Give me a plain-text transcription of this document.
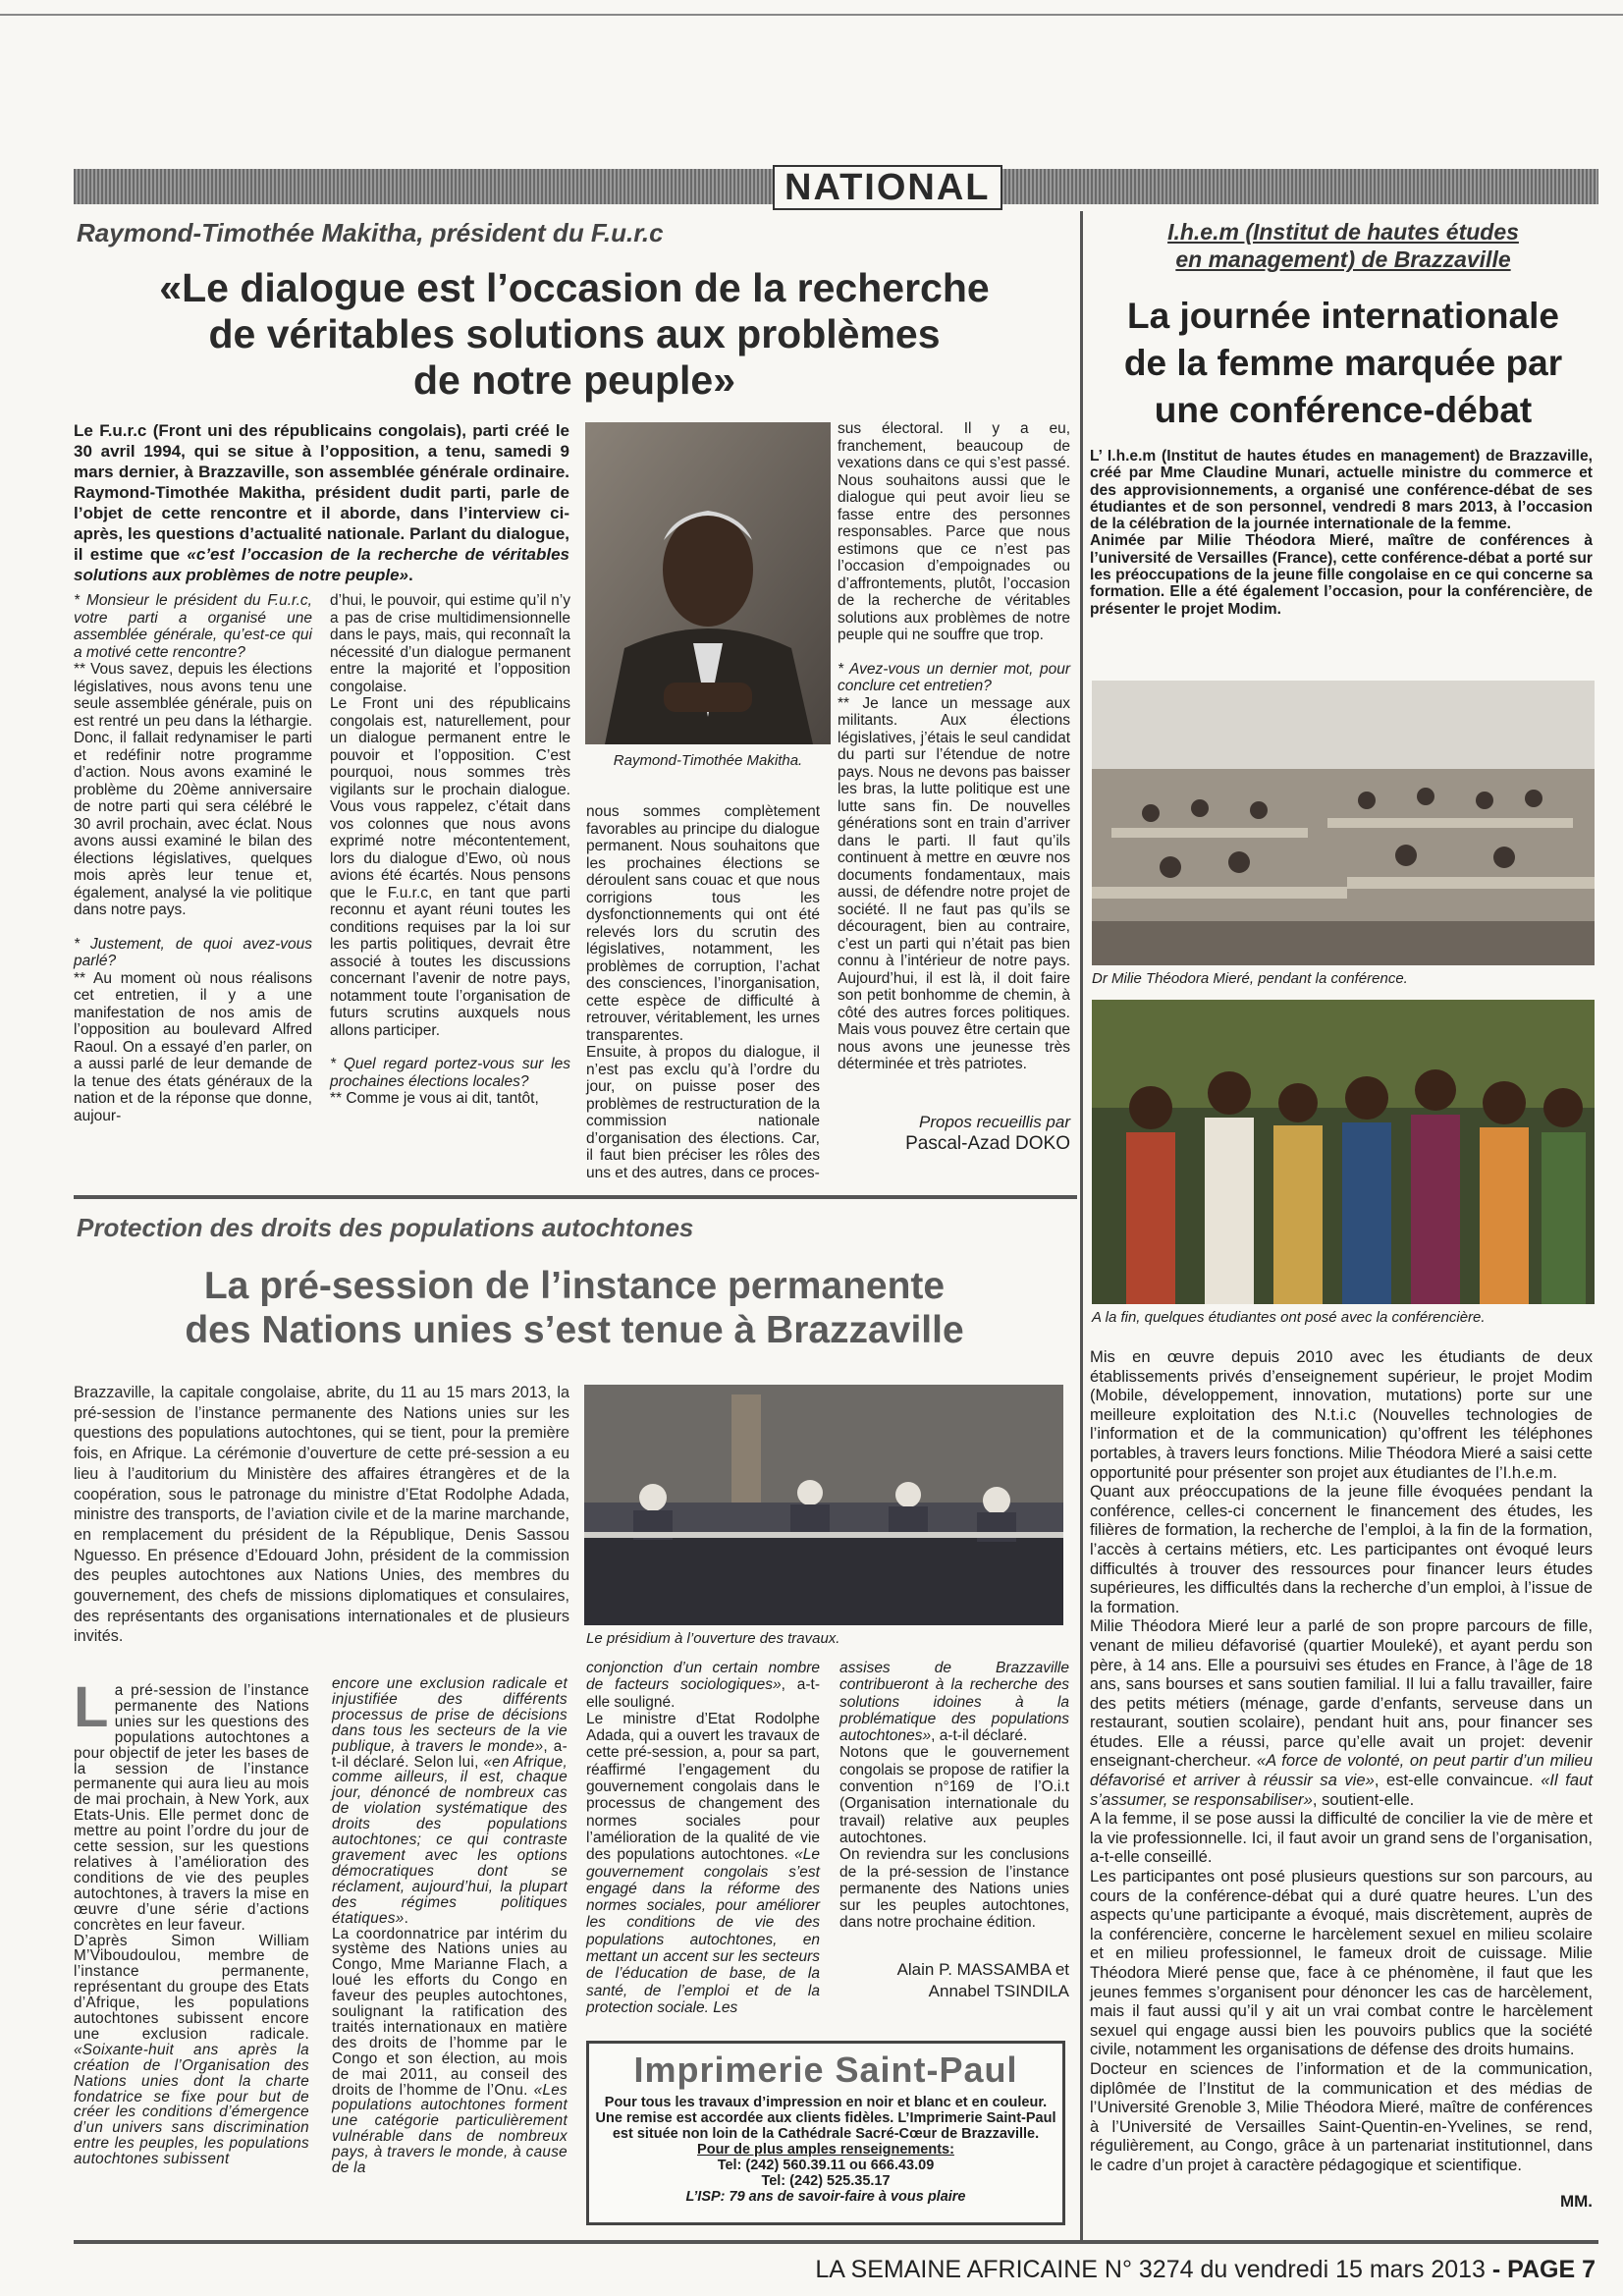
NATIONAL
Raymond-Timothée Makitha, président du F.u.r.c
«Le dialogue est l’occasion de la recherche
de véritables solutions aux problèmes
de notre peuple»

Le F.u.r.c (Front uni des républicains congolais), parti créé le 30 avril 1994, qui se situe à l’opposition, a tenu, samedi 9 mars dernier, à Brazzaville, son assemblée générale ordinaire. Raymond-Timothée Makitha, président dudit parti, parle de l’objet de cette rencontre et il aborde, dans l’interview ci-après, les questions d’actualité nationale. Parlant du dialogue, il estime que «c’est l’occasion de la recherche de véritables solutions aux problèmes de notre peuple».

Raymond-Timothée Makitha.

* Monsieur le président du F.u.r.c, votre parti a organisé une assemblée générale, qu’est-ce qui a motivé cette rencontre?

** Vous savez, depuis les élections législatives, nous avons tenu une seule assemblée générale, puis on est rentré un peu dans la léthargie. Donc, il fallait redynamiser le parti et redéfinir notre programme d’action. Nous avons examiné le problème du 20ème anniversaire de notre parti qui sera célébré le 30 avril prochain, avec éclat. Nous avons aussi examiné le bilan des élections législatives, quelques mois après leur tenue et, également, analysé la vie politique dans notre pays.

* Justement, de quoi avez-vous parlé?

** Au moment où nous réalisons cet entretien, il y a une manifestation de nos amis de l’opposition au boulevard Alfred Raoul. On a essayé d’en parler, on a aussi parlé de leur demande de la tenue des états généraux de la nation et de la réponse que donne, aujour-

d’hui, le pouvoir, qui estime qu’il n’y a pas de crise multidimensionnelle dans le pays, mais, qui reconnaît la nécessité d’un dialogue permanent entre la majorité et l’opposition congolaise.

Le Front uni des républicains congolais est, naturellement, pour un dialogue permanent entre le pouvoir et l’opposition. C’est pourquoi, nous sommes très vigilants sur le prochain dialogue. Vous vous rappelez, c’était dans vos colonnes que nous avons exprimé notre mécontentement, lors du dialogue d’Ewo, où nous avions été écartés. Nous pensons que le F.u.r.c, en tant que parti reconnu et ayant réuni toutes les conditions requises par la loi sur les partis politiques, devrait être associé à toutes les discussions concernant l’avenir de notre pays, notamment toute l’organisation de futurs scrutins auxquels nous allons participer.

* Quel regard portez-vous sur les prochaines élections locales?

** Comme je vous ai dit, tantôt,

nous sommes complètement favorables au principe du dialogue permanent. Nous souhaitons que les prochaines élections se déroulent sans couac et que nous corrigions tous les dysfonctionnements qui ont été relevés lors du scrutin des législatives, notamment, les problèmes de corruption, l’achat des consciences, l’inorganisation, cette espèce de difficulté à retrouver, véritablement, les urnes transparentes.

Ensuite, à propos du dialogue, il n’est pas exclu qu’à l’ordre du jour, on puisse poser des problèmes de restructuration de la commission nationale d’organisation des élections. Car, il faut bien préciser les rôles des uns et des autres, dans ce proces-

sus électoral. Il y a eu, franchement, beaucoup de vexations dans ce qui s’est passé. Nous souhaitons aussi que le dialogue qui peut avoir lieu se fasse entre des personnes responsables. Parce que nous estimons que ce n’est pas l’occasion d’empoignades ou d’affrontements, plutôt, l’occasion de la recherche de véritables solutions aux problèmes de notre peuple qui ne souffre que trop.

* Avez-vous un dernier mot, pour conclure cet entretien?

** Je lance un message aux militants. Aux élections législatives, j’étais le seul candidat du parti sur l’étendue de notre pays. Nous ne devons pas baisser les bras, la lutte politique est une lutte sans fin. De nouvelles générations sont en train d’arriver dans le parti. Il faut qu’ils continuent à mettre en œuvre nos documents fondamentaux, mais aussi, de défendre notre projet de société. Il ne faut pas qu’ils se découragent, bien au contraire, c’est un parti qui n’était pas bien connu à l’intérieur de notre pays. Aujourd’hui, il est là, il doit faire son petit bonhomme de chemin, à côté des autres forces politiques. Mais vous pouvez être certain que nous avons une jeunesse très déterminée et très patriotes.

Propos recueillis par
Pascal-Azad DOKO
Protection des droits des populations autochtones
La pré-session de l’instance permanente
des Nations unies s’est tenue à Brazzaville

Brazzaville, la capitale congolaise, abrite, du 11 au 15 mars 2013, la pré-session de l’instance permanente des Nations unies sur les questions des populations autochtones, qui se tient, pour la première fois, en Afrique. La cérémonie d’ouverture de cette pré-session a eu lieu à l’auditorium du Ministère des affaires étrangères et de la coopération, sous le patronage du ministre d’Etat Rodolphe Adada, ministre des transports, de l’aviation civile et de la marine marchande, en remplacement du président de la République, Denis Sassou Nguesso. En présence d’Edouard John, président de la commission des peuples autochtones aux Nations Unies, des membres du gouvernement, des chefs de missions diplomatiques et consulaires, des représentants des organisations internationales et de plusieurs invités.	Le présidium à l’ouverture des travaux.

La pré-session de l’instance permanente des Nations unies sur les questions des populations autochtones a pour objectif de jeter les bases de la session de l’instance permanente qui aura lieu au mois de mai prochain, à New York, aux Etats-Unis. Elle permet donc de mettre au point l’ordre du jour de cette session, sur les questions relatives à l’amélioration des conditions de vie des peuples autochtones, à travers la mise en œuvre d’une série d’actions concrètes en leur faveur.

D’après Simon William M’Viboudoulou, membre de l’instance permanente, représentant du groupe des Etats d’Afrique, les populations autochtones subissent encore une exclusion radicale. «Soixante-huit ans après la création de l’Organisation des Nations unies dont la charte fondatrice se fixe pour but de créer les conditions d’émergence d’un univers sans discrimination entre les peuples, les populations autochtones subissent

encore une exclusion radicale et injustifiée des différents processus de prise de décisions dans tous les secteurs de la vie publique, à travers le monde», a-t-il déclaré. Selon lui, «en Afrique, comme ailleurs, il est, chaque jour, dénoncé de nombreux cas de violation systématique des droits des populations autochtones; ce qui contraste gravement avec les options démocratiques dont se réclament, aujourd’hui, la plupart des régimes politiques étatiques».

La coordonnatrice par intérim du système des Nations unies au Congo, Mme Marianne Flach, a loué les efforts du Congo en faveur des peuples autochtones, soulignant la ratification des traités internationaux en matière des droits de l’homme par le Congo et son élection, au mois de mai 2011, au conseil des droits de l’homme de l’Onu. «Les populations autochtones forment une catégorie particulièrement vulnérable dans de nombreux pays, à travers le monde, à cause de la

conjonction d’un certain nombre de facteurs sociologiques», a-t-elle souligné.

Le ministre d’Etat Rodolphe Adada, qui a ouvert les travaux de cette pré-session, a, pour sa part, réaffirmé l’engagement du gouvernement congolais dans le processus de changement des normes sociales pour l’amélioration de la qualité de vie des populations autochtones. «Le gouvernement congolais s’est engagé dans la réforme des normes sociales, pour améliorer les conditions de vie des populations autochtones, en mettant un accent sur les secteurs de l’éducation de base, de la santé, de l’emploi et de la protection sociale. Les

assises de Brazzaville contribueront à la recherche des solutions idoines à la problématique des populations autochtones», a-t-il déclaré.

Notons que le gouvernement congolais se propose de ratifier la convention n°169 de l’O.i.t (Organisation internationale du travail) relative aux peuples autochtones.

On reviendra sur les conclusions de la pré-session de l’instance permanente des Nations unies sur les peuples autochtones, dans notre prochaine édition.

Alain P. MASSAMBA et
Annabel TSINDILA
Imprimerie Saint-Paul
Pour tous les travaux d’impression en noir et blanc et en couleur.
Une remise est accordée aux clients fidèles. L’Imprimerie Saint-Paul
est située non loin de la Cathédrale Sacré-Cœur de Brazzaville.
Pour de plus amples renseignements:
Tel: (242) 560.39.11 ou 666.43.09
Tel: (242) 525.35.17
L’ISP: 79 ans de savoir-faire à vous plaire
I.h.e.m (Institut de hautes études
en management) de Brazzaville
La journée internationale
de la femme marquée par
une conférence-débat
L’ I.h.e.m (Institut de hautes études en management) de Brazzaville, créé par Mme Claudine Munari, actuelle ministre du commerce et des approvisionnements, a organisé une conférence-débat de ses étudiantes et de son personnel, vendredi 8 mars 2013, à l’occasion de la célébration de la journée internationale de la femme.
Animée par Milie Théodora Mieré, maître de conférences à l’université de Versailles (France), cette conférence-débat a porté sur les préoccupations de la jeune fille congolaise en ce qui concerne sa formation. Elle a été également l’occasion, pour la conférencière, de présenter le projet Modim.
Dr Milie Théodora Mieré, pendant la conférence.
A la fin, quelques étudiantes ont posé avec la conférencière.

Mis en œuvre depuis 2010 avec les étudiants de deux établissements privés d’enseignement supérieur, le projet Modim (Mobile, développement, innovation, mutations) porte sur une meilleure exploitation des N.t.i.c (Nouvelles technologies de l’information et de la communication) qu’offrent les téléphones portables, à travers leurs fonctions. Milie Théodora Mieré a saisi cette opportunité pour présenter son projet aux étudiantes de l’I.h.e.m.

Quant aux préoccupations de la jeune fille évoquées pendant la conférence, celles-ci concernent le financement des études, les filières de formation, la recherche de l’emploi, à la fin de la formation, l’accès à certains métiers, etc. Les participantes ont évoqué leurs difficultés à trouver des ressources pour financer leurs études supérieures, les difficultés dans la recherche d’un emploi, à l’issue de la formation.

Milie Théodora Mieré leur a parlé de son propre parcours de fille, venant de milieu défavorisé (quartier Mouleké), et ayant perdu son père, à 14 ans. Elle a poursuivi ses études en France, à l’âge de 18 ans, sans bourses et sans soutien familial. Il lui a fallu travailler, faire des petits métiers (ménage, garde d’enfants, serveuse dans un restaurant, soutien scolaire), pendant huit ans, pour financer ses études. Elle a réussi, parce qu’elle avait un projet: devenir enseignant-chercheur. «A force de volonté, on peut partir d’un milieu défavorisé et arriver à réussir sa vie», est-elle convaincue. «Il faut s’assumer, se responsabiliser», soutient-elle.

A la femme, il se pose aussi la difficulté de concilier la vie de mère et la vie professionnelle. Ici, il faut avoir un grand sens de l’organisation, a-t-elle conseillé.

Les participantes ont posé plusieurs questions sur son parcours, au cours de la conférence-débat qui a duré quatre heures. L’un des aspects qu’une participante a évoqué, mais discrètement, auprès de la conférencière, concerne le harcèlement sexuel en milieu scolaire et en milieu professionnel, le fameux droit de cuissage. Milie Théodora Mieré pense que, face à ce phénomène, il faut que les jeunes femmes s’organisent pour dénoncer les cas de harcèlement, mais il faut aussi qu’il y ait un vrai combat contre le harcèlement sexuel qui engage aussi bien les pouvoirs publics que la société civile, notamment les organisations de défense des droits humains.

Docteur en sciences de l’information et de la communication, diplômée de l’Institut de la communication et des médias de l’Université Grenoble 3, Milie Théodora Mieré, maître de conférences à l’Université de Versailles Saint-Quentin-en-Yvelines, se rend, régulièrement, au Congo, grâce à un partenariat institutionnel, dans le cadre d’un projet à caractère pédagogique et scientifique.

MM.
LA SEMAINE AFRICAINE N° 3274 du vendredi 15 mars 2013 - PAGE 7
